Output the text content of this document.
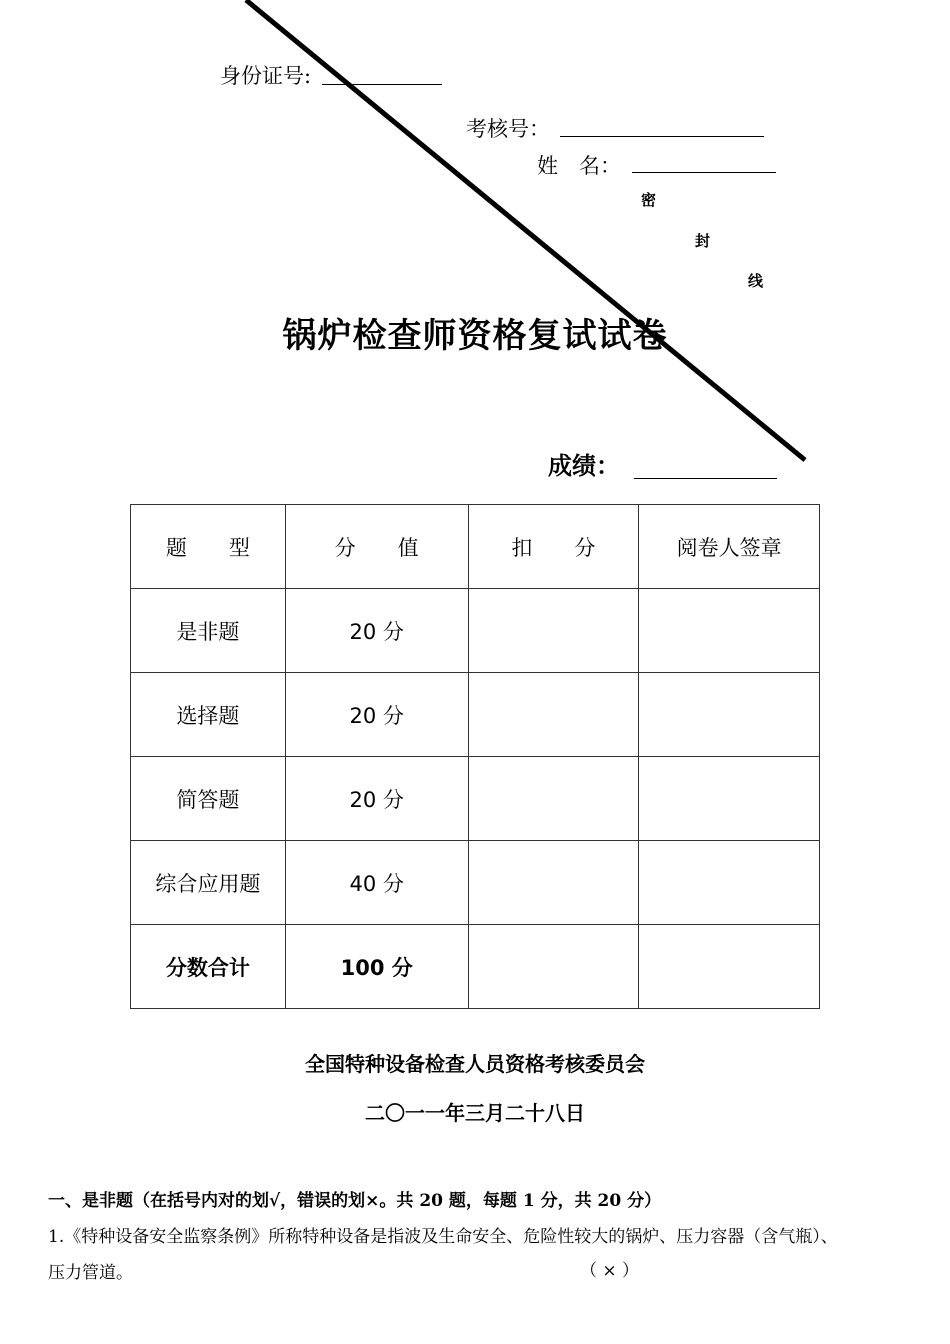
身份证号:
考核号：
姓　名：
密
封
线
锅炉检查师资格复试试卷
成绩：
题　　型	分　　值	扣　　分	阅卷人签章
是非题	20 分		
选择题	20 分		
简答题	20 分		
综合应用题	40 分		
分数合计	100 分		
全国特种设备检查人员资格考核委员会
二〇一一年三月二十八日
一、是非题（在括号内对的划√，错误的划×。共 20 题，每题 1 分，共 20 分）
1.《特种设备安全监察条例》所称特种设备是指波及生命安全、危险性较大的锅炉、压力容器（含气瓶）、
压力管道。	（ × ）
